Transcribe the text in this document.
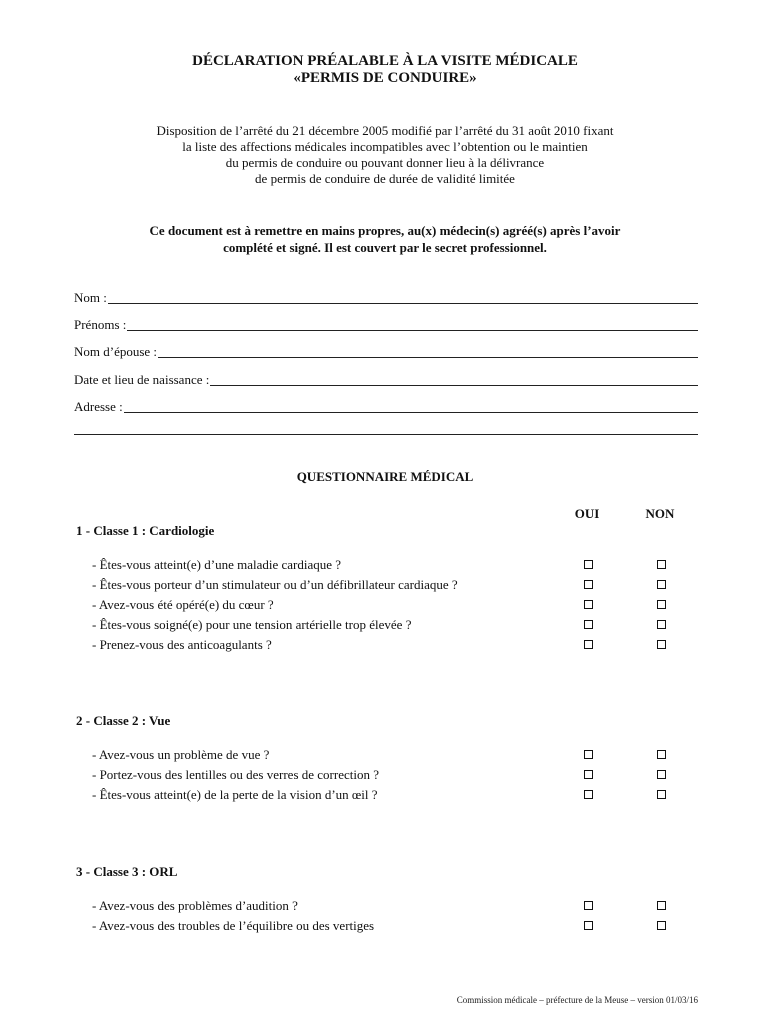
DÉCLARATION PRÉALABLE À LA VISITE MÉDICALE
«PERMIS DE CONDUIRE»
Disposition de l’arrêté du 21 décembre 2005 modifié par l’arrêté du 31 août 2010 fixant
la liste des affections médicales incompatibles avec l’obtention ou le maintien
du permis de conduire ou pouvant donner lieu à la délivrance
de permis de conduire de durée de validité limitée
Ce document est à remettre en mains propres, au(x) médecin(s) agréé(s) après l’avoir
complété et signé. Il est couvert par le secret professionnel.
Nom :
Prénoms :
Nom d’épouse :
Date et lieu de naissance :
Adresse :
QUESTIONNAIRE MÉDICAL
OUI	NON
1 - Classe 1 : Cardiologie
- Êtes-vous atteint(e) d’une maladie cardiaque ?
- Êtes-vous porteur d’un stimulateur ou d’un défibrillateur cardiaque ?
- Avez-vous été opéré(e) du cœur ?
- Êtes-vous soigné(e) pour une tension artérielle trop élevée ?
- Prenez-vous des anticoagulants ?
2 - Classe 2 : Vue
- Avez-vous un problème de vue ?
- Portez-vous des lentilles ou des verres de correction ?
- Êtes-vous atteint(e) de la perte de la vision d’un œil ?
3 - Classe 3 : ORL
- Avez-vous des problèmes d’audition ?
- Avez-vous des troubles de l’équilibre ou des vertiges
Commission médicale – préfecture de la Meuse – version 01/03/16
